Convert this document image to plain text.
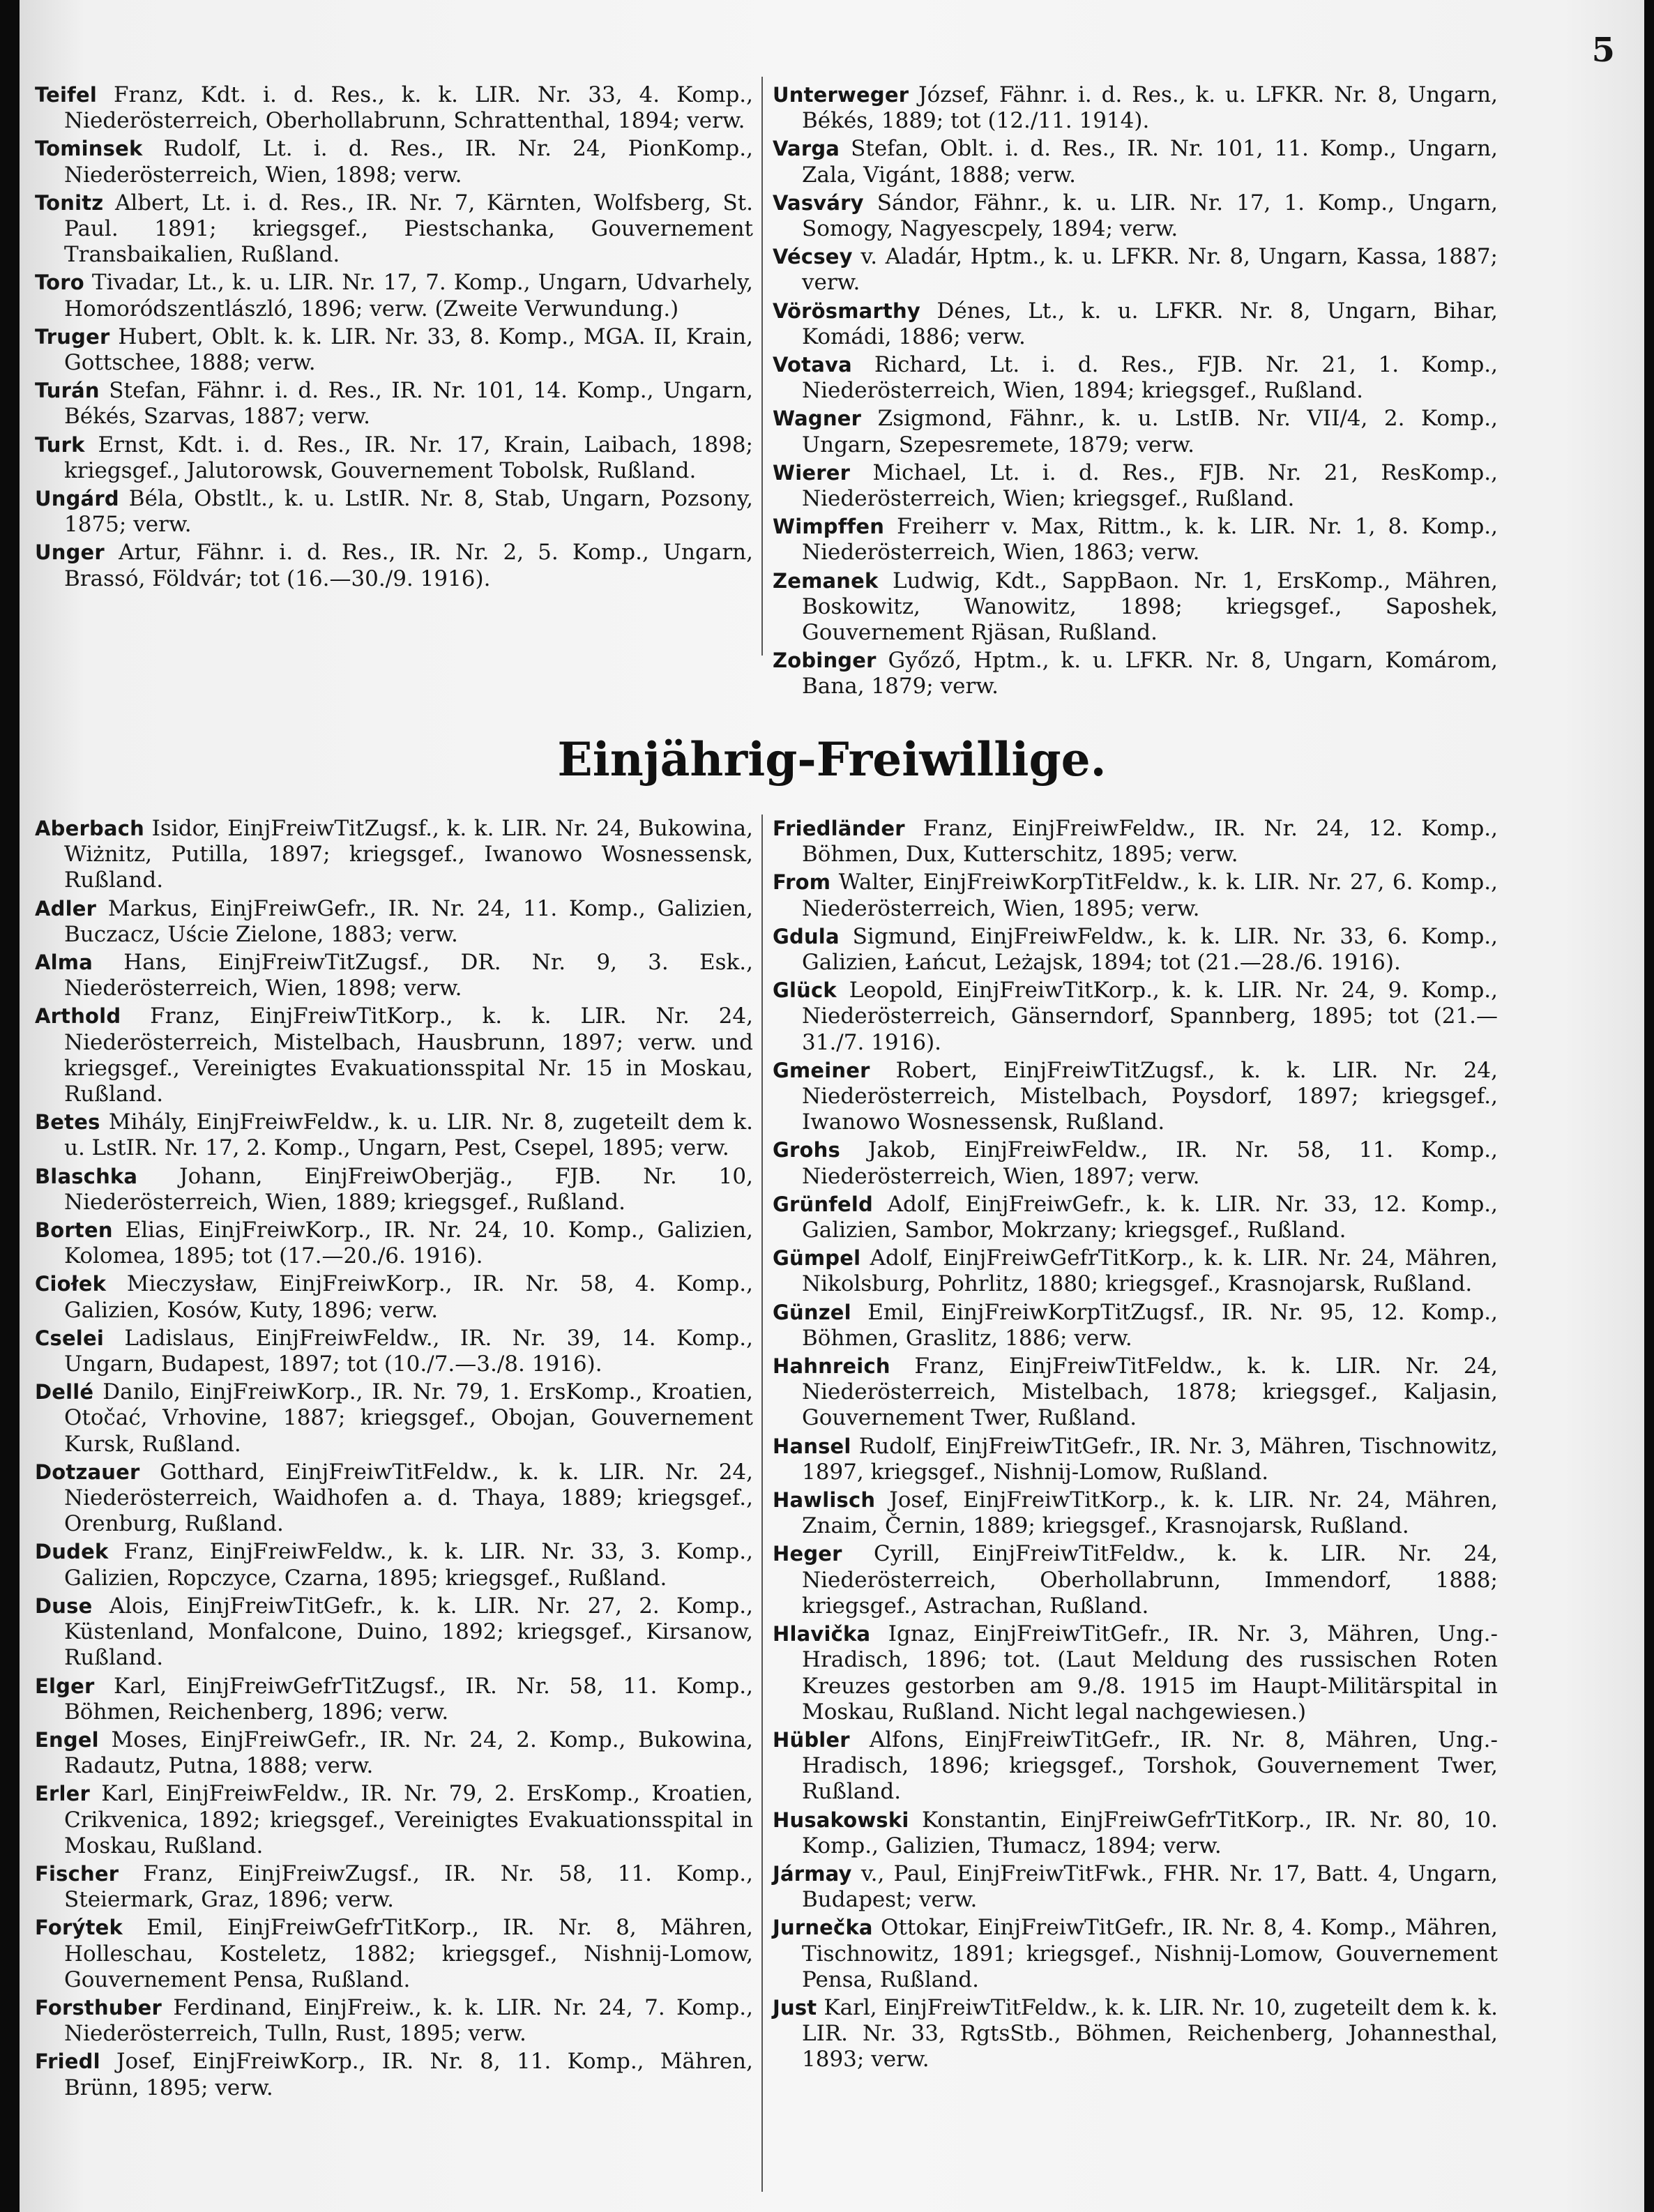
5

Teifel Franz, Kdt. i. d. Res., k. k. LIR. Nr. 33, 4. Komp., Niederösterreich, Oberhollabrunn, Schrattenthal, 1894; verw.

Tominsek Rudolf, Lt. i. d. Res., IR. Nr. 24, PionKomp., Niederösterreich, Wien, 1898; verw.

Tonitz Albert, Lt. i. d. Res., IR. Nr. 7, Kärnten, Wolfsberg, St. Paul. 1891; kriegsgef., Piestschanka, Gouvernement Transbaikalien, Rußland.

Toro Tivadar, Lt., k. u. LIR. Nr. 17, 7. Komp., Ungarn, Udvarhely, Homoródszentlászló, 1896; verw. (Zweite Verwundung.)

Truger Hubert, Oblt. k. k. LIR. Nr. 33, 8. Komp., MGA. II, Krain, Gottschee, 1888; verw.

Turán Stefan, Fähnr. i. d. Res., IR. Nr. 101, 14. Komp., Ungarn, Békés, Szarvas, 1887; verw.

Turk Ernst, Kdt. i. d. Res., IR. Nr. 17, Krain, Laibach, 1898; kriegsgef., Jalutorowsk, Gouvernement Tobolsk, Rußland.

Ungárd Béla, Obstlt., k. u. LstIR. Nr. 8, Stab, Ungarn, Pozsony, 1875; verw.

Unger Artur, Fähnr. i. d. Res., IR. Nr. 2, 5. Komp., Ungarn, Brassó, Földvár; tot (16.—30./9. 1916).

Unterweger József, Fähnr. i. d. Res., k. u. LFKR. Nr. 8, Ungarn, Békés, 1889; tot (12./11. 1914).

Varga Stefan, Oblt. i. d. Res., IR. Nr. 101, 11. Komp., Ungarn, Zala, Vigánt, 1888; verw.

Vasváry Sándor, Fähnr., k. u. LIR. Nr. 17, 1. Komp., Ungarn, Somogy, Nagyescpely, 1894; verw.

Vécsey v. Aladár, Hptm., k. u. LFKR. Nr. 8, Ungarn, Kassa, 1887; verw.

Vörösmarthy Dénes, Lt., k. u. LFKR. Nr. 8, Ungarn, Bihar, Komádi, 1886; verw.

Votava Richard, Lt. i. d. Res., FJB. Nr. 21, 1. Komp., Niederösterreich, Wien, 1894; kriegsgef., Rußland.

Wagner Zsigmond, Fähnr., k. u. LstIB. Nr. VII/4, 2. Komp., Ungarn, Szepesremete, 1879; verw.

Wierer Michael, Lt. i. d. Res., FJB. Nr. 21, ResKomp., Niederösterreich, Wien; kriegsgef., Rußland.

Wimpffen Freiherr v. Max, Rittm., k. k. LIR. Nr. 1, 8. Komp., Niederösterreich, Wien, 1863; verw.

Zemanek Ludwig, Kdt., SappBaon. Nr. 1, ErsKomp., Mähren, Boskowitz, Wanowitz, 1898; kriegsgef., Saposhek, Gouvernement Rjäsan, Rußland.

Zobinger Győző, Hptm., k. u. LFKR. Nr. 8, Ungarn, Komárom, Bana, 1879; verw.

Einjährig-Freiwillige.

Aberbach Isidor, EinjFreiwTitZugsf., k. k. LIR. Nr. 24, Bukowina, Wiżnitz, Putilla, 1897; kriegsgef., Iwanowo Wosnessensk, Rußland.

Adler Markus, EinjFreiwGefr., IR. Nr. 24, 11. Komp., Galizien, Buczacz, Uście Zielone, 1883; verw.

Alma Hans, EinjFreiwTitZugsf., DR. Nr. 9, 3. Esk., Niederösterreich, Wien, 1898; verw.

Arthold Franz, EinjFreiwTitKorp., k. k. LIR. Nr. 24, Niederösterreich, Mistelbach, Hausbrunn, 1897; verw. und kriegsgef., Vereinigtes Evakuationsspital Nr. 15 in Moskau, Rußland.

Betes Mihály, EinjFreiwFeldw., k. u. LIR. Nr. 8, zugeteilt dem k. u. LstIR. Nr. 17, 2. Komp., Ungarn, Pest, Csepel, 1895; verw.

Blaschka Johann, EinjFreiwOberjäg., FJB. Nr. 10, Niederösterreich, Wien, 1889; kriegsgef., Rußland.

Borten Elias, EinjFreiwKorp., IR. Nr. 24, 10. Komp., Galizien, Kolomea, 1895; tot (17.—20./6. 1916).

Ciołek Mieczysław, EinjFreiwKorp., IR. Nr. 58, 4. Komp., Galizien, Kosów, Kuty, 1896; verw.

Cselei Ladislaus, EinjFreiwFeldw., IR. Nr. 39, 14. Komp., Ungarn, Budapest, 1897; tot (10./7.—3./8. 1916).

Dellé Danilo, EinjFreiwKorp., IR. Nr. 79, 1. ErsKomp., Kroatien, Otočać, Vrhovine, 1887; kriegsgef., Obojan, Gouvernement Kursk, Rußland.

Dotzauer Gotthard, EinjFreiwTitFeldw., k. k. LIR. Nr. 24, Niederösterreich, Waidhofen a. d. Thaya, 1889; kriegsgef., Orenburg, Rußland.

Dudek Franz, EinjFreiwFeldw., k. k. LIR. Nr. 33, 3. Komp., Galizien, Ropczyce, Czarna, 1895; kriegsgef., Rußland.

Duse Alois, EinjFreiwTitGefr., k. k. LIR. Nr. 27, 2. Komp., Küstenland, Monfalcone, Duino, 1892; kriegsgef., Kirsanow, Rußland.

Elger Karl, EinjFreiwGefrTitZugsf., IR. Nr. 58, 11. Komp., Böhmen, Reichenberg, 1896; verw.

Engel Moses, EinjFreiwGefr., IR. Nr. 24, 2. Komp., Bukowina, Radautz, Putna, 1888; verw.

Erler Karl, EinjFreiwFeldw., IR. Nr. 79, 2. ErsKomp., Kroatien, Crikvenica, 1892; kriegsgef., Vereinigtes Evakuationsspital in Moskau, Rußland.

Fischer Franz, EinjFreiwZugsf., IR. Nr. 58, 11. Komp., Steiermark, Graz, 1896; verw.

Forýtek Emil, EinjFreiwGefrTitKorp., IR. Nr. 8, Mähren, Holleschau, Kosteletz, 1882; kriegsgef., Nishnij-Lomow, Gouvernement Pensa, Rußland.

Forsthuber Ferdinand, EinjFreiw., k. k. LIR. Nr. 24, 7. Komp., Niederösterreich, Tulln, Rust, 1895; verw.

Friedl Josef, EinjFreiwKorp., IR. Nr. 8, 11. Komp., Mähren, Brünn, 1895; verw.

Friedländer Franz, EinjFreiwFeldw., IR. Nr. 24, 12. Komp., Böhmen, Dux, Kutterschitz, 1895; verw.

From Walter, EinjFreiwKorpTitFeldw., k. k. LIR. Nr. 27, 6. Komp., Niederösterreich, Wien, 1895; verw.

Gdula Sigmund, EinjFreiwFeldw., k. k. LIR. Nr. 33, 6. Komp., Galizien, Łańcut, Leżajsk, 1894; tot (21.—28./6. 1916).

Glück Leopold, EinjFreiwTitKorp., k. k. LIR. Nr. 24, 9. Komp., Niederösterreich, Gänserndorf, Spannberg, 1895; tot (21.—31./7. 1916).

Gmeiner Robert, EinjFreiwTitZugsf., k. k. LIR. Nr. 24, Niederösterreich, Mistelbach, Poysdorf, 1897; kriegsgef., Iwanowo Wosnessensk, Rußland.

Grohs Jakob, EinjFreiwFeldw., IR. Nr. 58, 11. Komp., Niederösterreich, Wien, 1897; verw.

Grünfeld Adolf, EinjFreiwGefr., k. k. LIR. Nr. 33, 12. Komp., Galizien, Sambor, Mokrzany; kriegsgef., Rußland.

Gümpel Adolf, EinjFreiwGefrTitKorp., k. k. LIR. Nr. 24, Mähren, Nikolsburg, Pohrlitz, 1880; kriegsgef., Krasnojarsk, Rußland.

Günzel Emil, EinjFreiwKorpTitZugsf., IR. Nr. 95, 12. Komp., Böhmen, Graslitz, 1886; verw.

Hahnreich Franz, EinjFreiwTitFeldw., k. k. LIR. Nr. 24, Niederösterreich, Mistelbach, 1878; kriegsgef., Kaljasin, Gouvernement Twer, Rußland.

Hansel Rudolf, EinjFreiwTitGefr., IR. Nr. 3, Mähren, Tischnowitz, 1897, kriegsgef., Nishnij-Lomow, Rußland.

Hawlisch Josef, EinjFreiwTitKorp., k. k. LIR. Nr. 24, Mähren, Znaim, Černin, 1889; kriegsgef., Krasnojarsk, Rußland.

Heger Cyrill, EinjFreiwTitFeldw., k. k. LIR. Nr. 24, Niederösterreich, Oberhollabrunn, Immendorf, 1888; kriegsgef., Astrachan, Rußland.

Hlavička Ignaz, EinjFreiwTitGefr., IR. Nr. 3, Mähren, Ung.-Hradisch, 1896; tot. (Laut Meldung des russischen Roten Kreuzes gestorben am 9./8. 1915 im Haupt-Militärspital in Moskau, Rußland. Nicht legal nachgewiesen.)

Hübler Alfons, EinjFreiwTitGefr., IR. Nr. 8, Mähren, Ung.-Hradisch, 1896; kriegsgef., Torshok, Gouvernement Twer, Rußland.

Husakowski Konstantin, EinjFreiwGefrTitKorp., IR. Nr. 80, 10. Komp., Galizien, Tłumacz, 1894; verw.

Jármay v., Paul, EinjFreiwTitFwk., FHR. Nr. 17, Batt. 4, Ungarn, Budapest; verw.

Jurnečka Ottokar, EinjFreiwTitGefr., IR. Nr. 8, 4. Komp., Mähren, Tischnowitz, 1891; kriegsgef., Nishnij-Lomow, Gouvernement Pensa, Rußland.

Just Karl, EinjFreiwTitFeldw., k. k. LIR. Nr. 10, zugeteilt dem k. k. LIR. Nr. 33, RgtsStb., Böhmen, Reichenberg, Johannesthal, 1893; verw.
